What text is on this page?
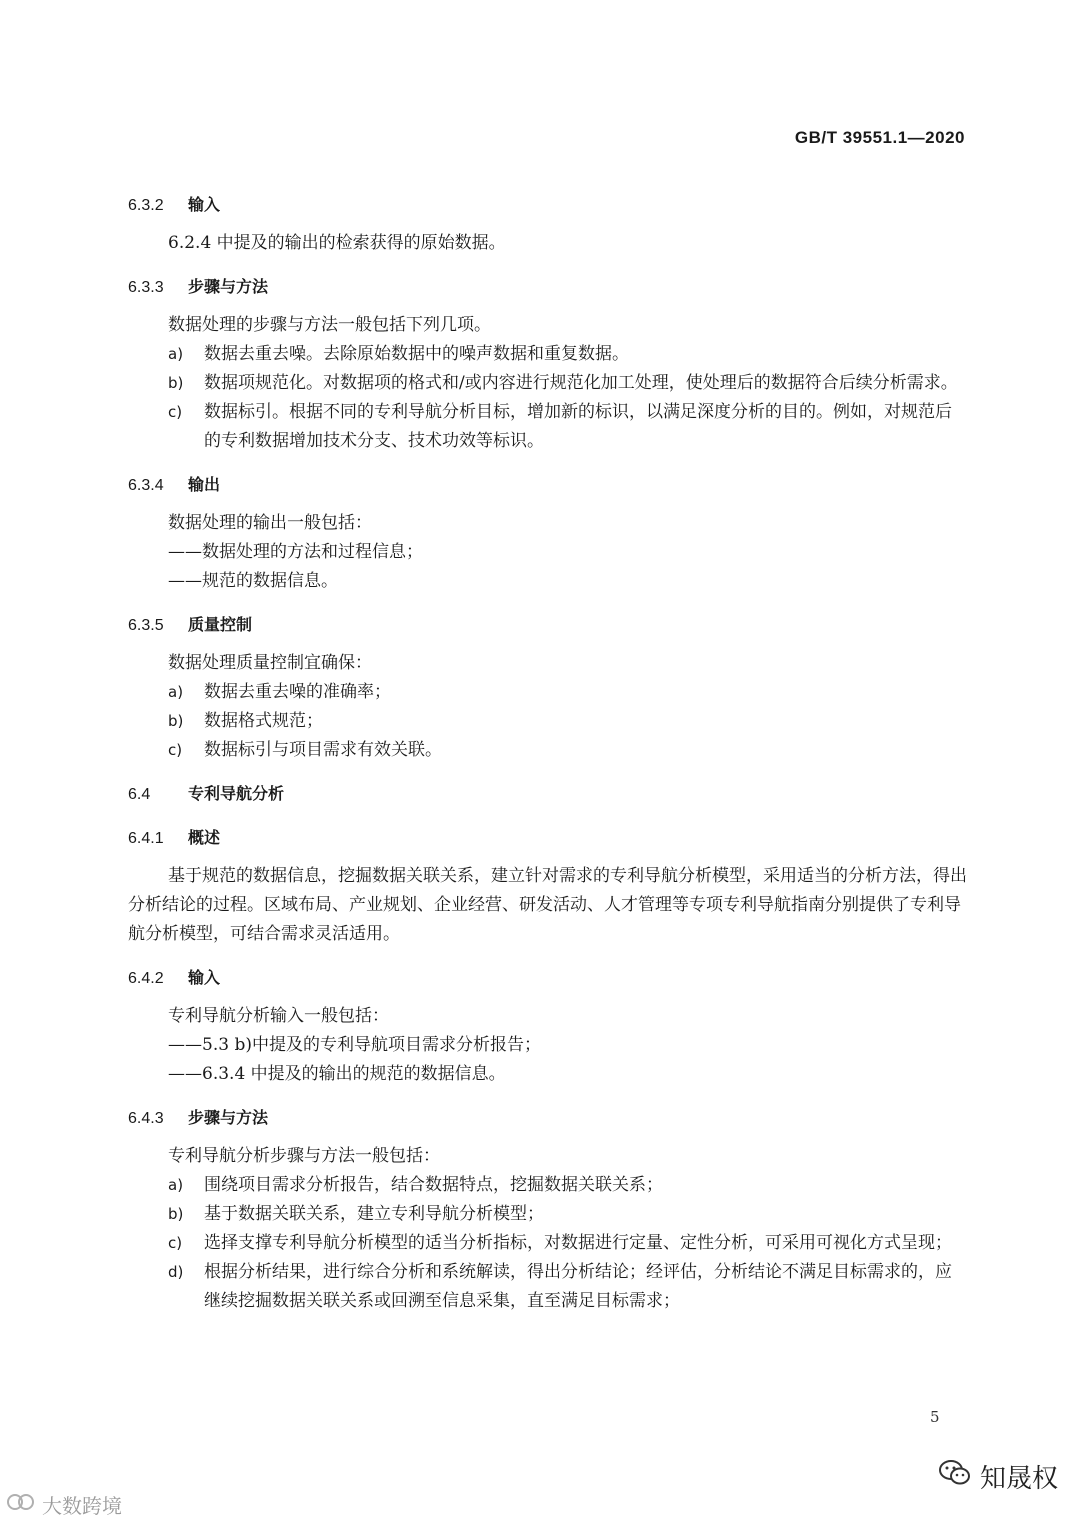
GB/T 39551.1—2020
6.3.2 输入

6.2.4 中提及的输出的检索获得的原始数据。

6.3.3 步骤与方法

数据处理的步骤与方法一般包括下列几项。

a) 数据去重去噪。去除原始数据中的噪声数据和重复数据。

b) 数据项规范化。对数据项的格式和/或内容进行规范化加工处理，使处理后的数据符合后续分析需求。

c) 数据标引。根据不同的专利导航分析目标，增加新的标识，以满足深度分析的目的。例如，对规范后的专利数据增加技术分支、技术功效等标识。

6.3.4 输出

数据处理的输出一般包括：

——数据处理的方法和过程信息；

——规范的数据信息。

6.3.5 质量控制

数据处理质量控制宜确保：

a) 数据去重去噪的准确率；

b) 数据格式规范；

c) 数据标引与项目需求有效关联。

6.4 专利导航分析
6.4.1 概述

基于规范的数据信息，挖掘数据关联关系，建立针对需求的专利导航分析模型，采用适当的分析方法，得出分析结论的过程。区域布局、产业规划、企业经营、研发活动、人才管理等专项专利导航指南分别提供了专利导航分析模型，可结合需求灵活适用。

6.4.2 输入

专利导航分析输入一般包括：

——5.3 b)中提及的专利导航项目需求分析报告；

——6.3.4 中提及的输出的规范的数据信息。

6.4.3 步骤与方法

专利导航分析步骤与方法一般包括：

a) 围绕项目需求分析报告，结合数据特点，挖掘数据关联关系；

b) 基于数据关联关系，建立专利导航分析模型；

c) 选择支撑专利导航分析模型的适当分析指标，对数据进行定量、定性分析，可采用可视化方式呈现；

d) 根据分析结果，进行综合分析和系统解读，得出分析结论；经评估，分析结论不满足目标需求的，应继续挖掘数据关联关系或回溯至信息采集，直至满足目标需求；

5
大数跨境
知晟权
